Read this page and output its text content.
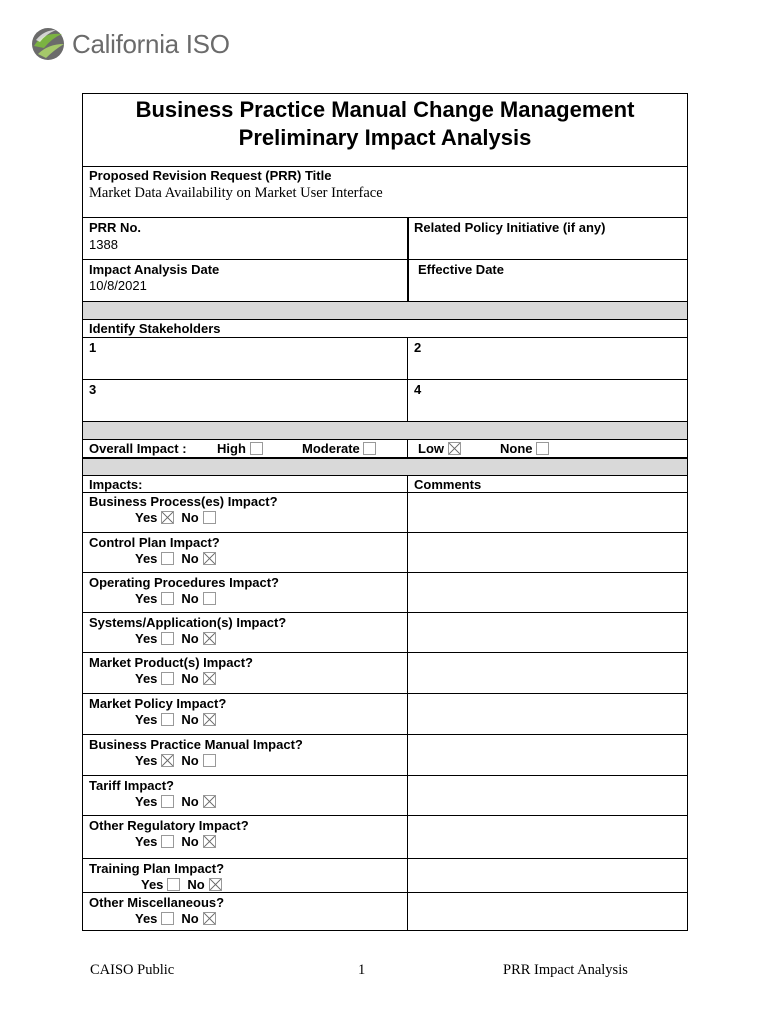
California ISO
Business Practice Manual Change Management
Preliminary Impact Analysis
Proposed Revision Request (PRR) Title
Market Data Availability on Market User Interface
PRR No.
1388
Related Policy Initiative (if any)
Impact Analysis Date
10/8/2021
Effective Date
Identify Stakeholders
1	2
3	4
Overall Impact : High	Moderate	Low	None
Impacts:	Comments
Business Process(es) Impact?
Yes No
Control Plan Impact?
Yes No
Operating Procedures Impact?
Yes No
Systems/Application(s) Impact?
Yes No
Market Product(s) Impact?
Yes No
Market Policy Impact?
Yes No
Business Practice Manual Impact?
Yes No
Tariff Impact?
Yes No
Other Regulatory Impact?
Yes No
Training Plan Impact?
Yes No
Other Miscellaneous?
Yes No
CAISO Public	1	PRR Impact Analysis
